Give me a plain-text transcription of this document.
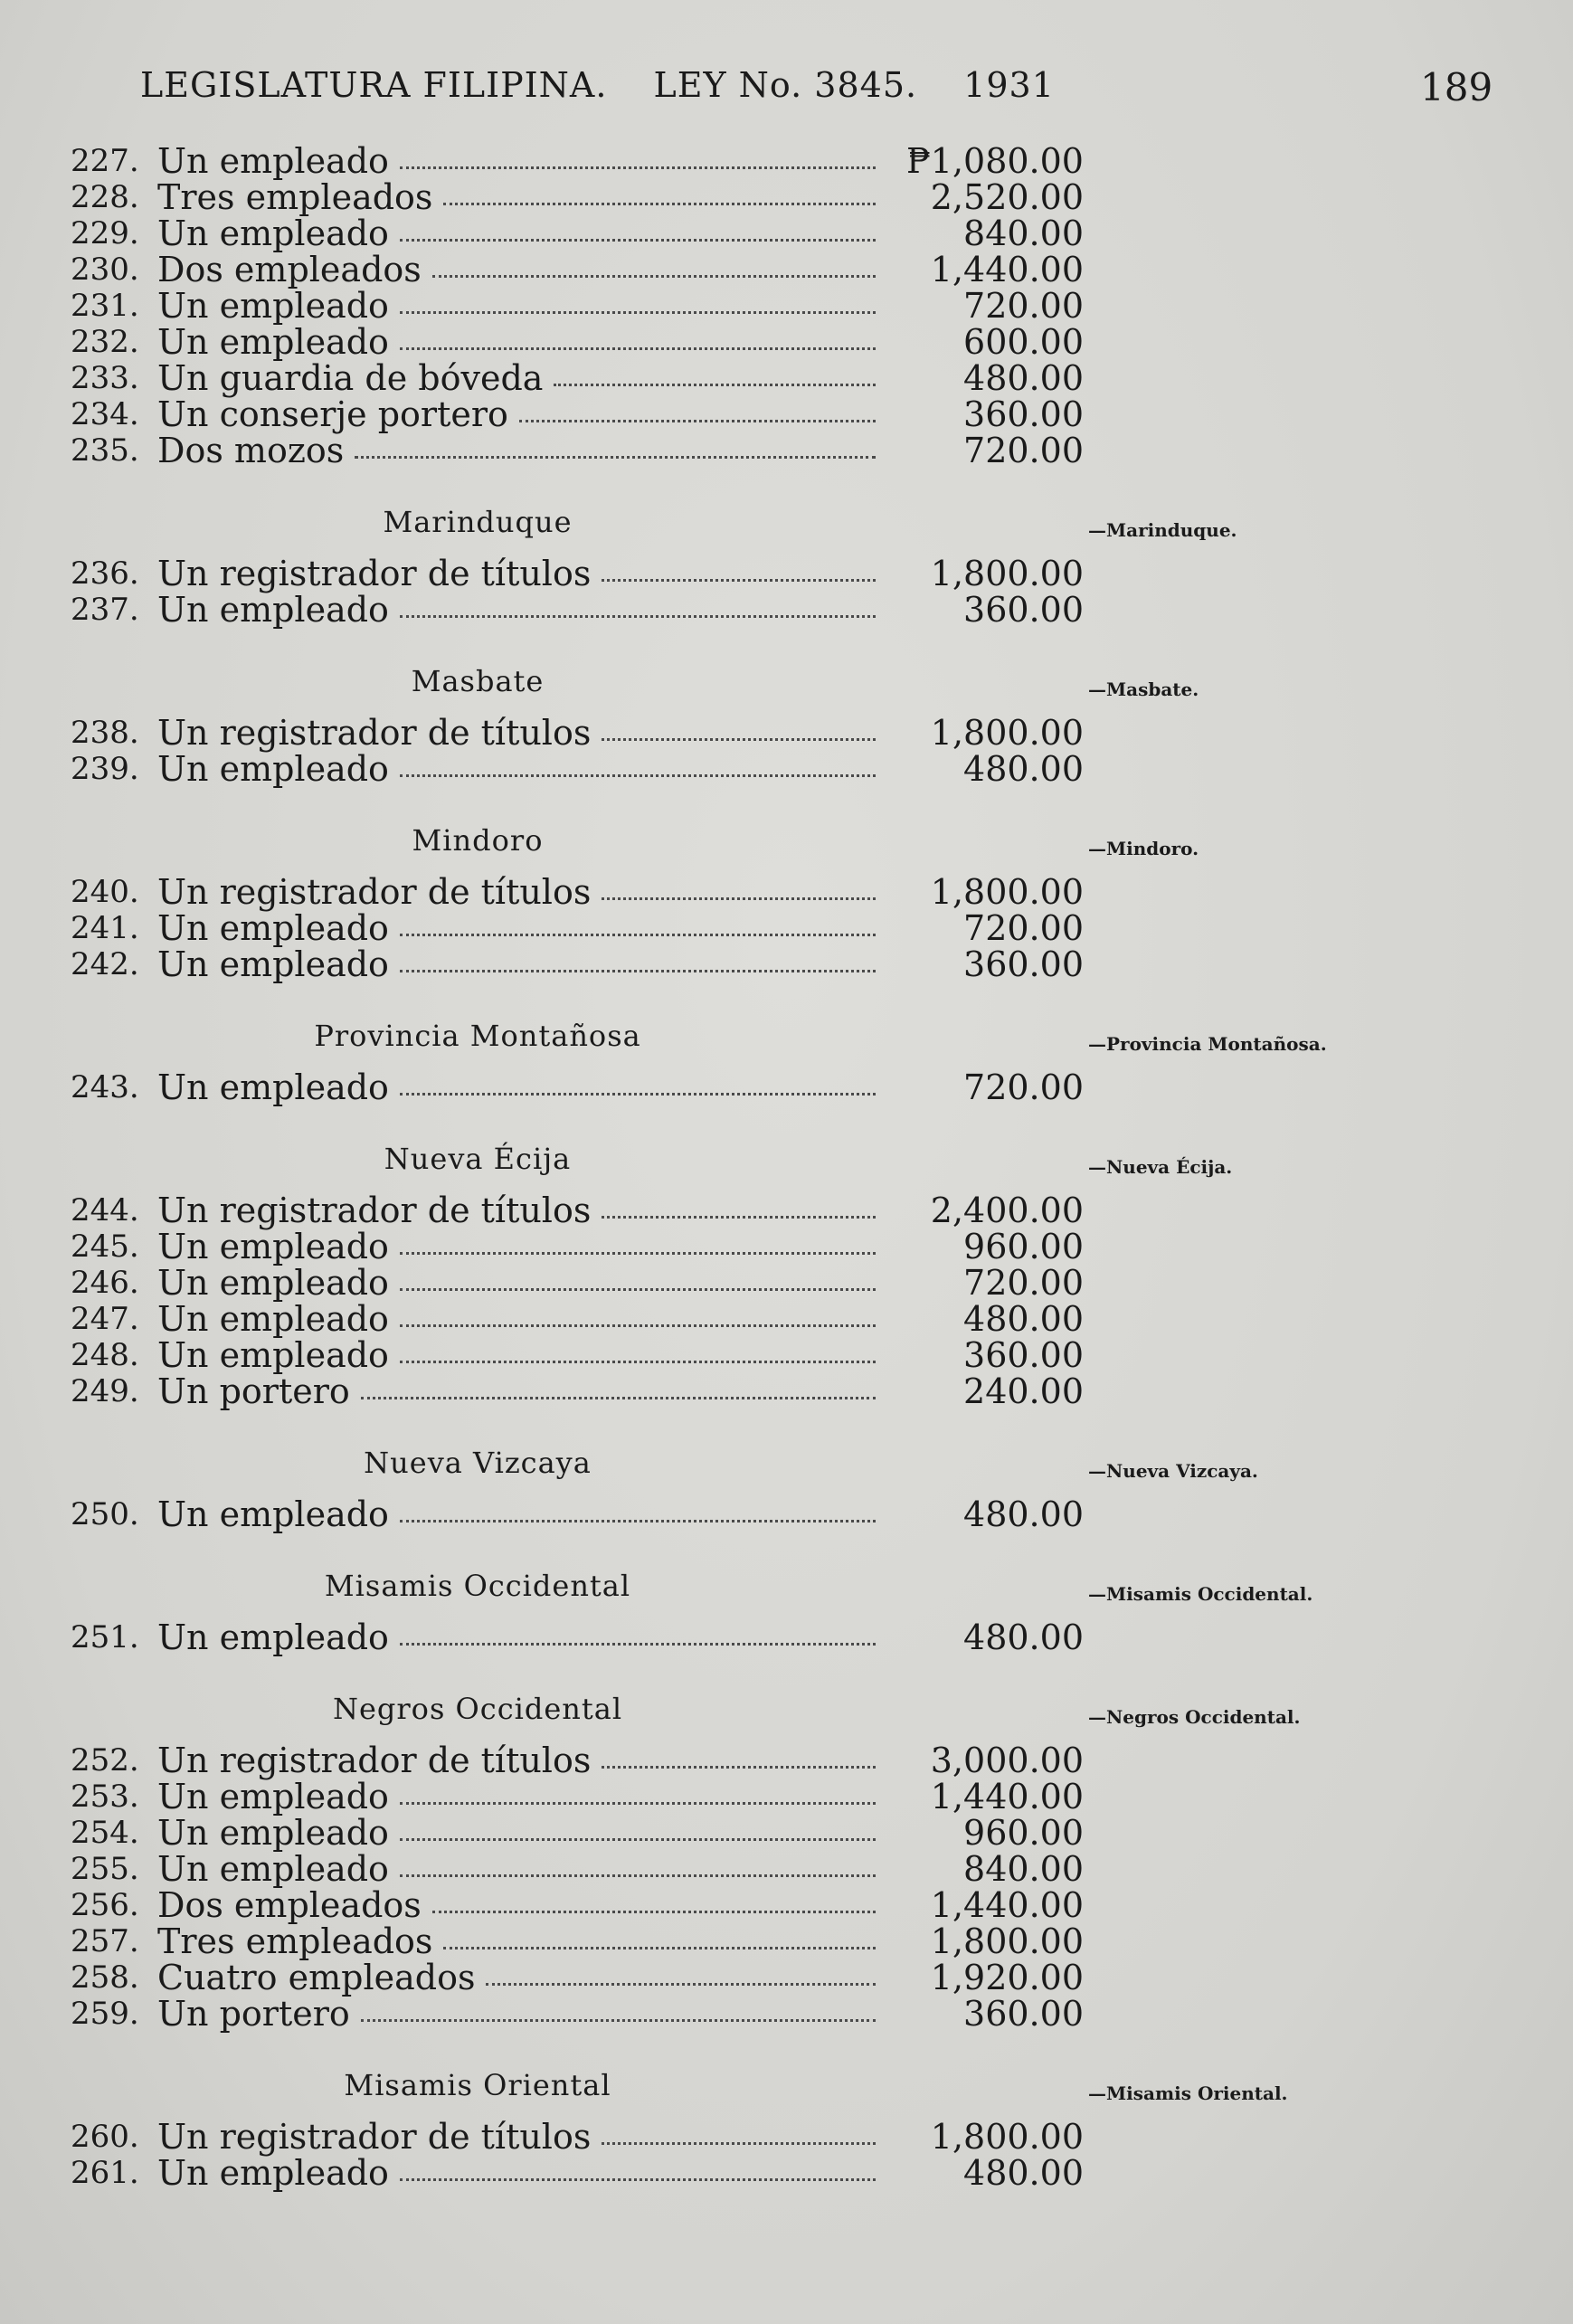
LEGISLATURA FILIPINA. LEY No. 3845. 1931	189
227. Un empleado	₱1,080.00
228. Tres empleados	2,520.00
229. Un empleado	840.00
230. Dos empleados	1,440.00
231. Un empleado	720.00
232. Un empleado	600.00
233. Un guardia de bóveda	480.00
234. Un conserje portero	360.00
235. Dos mozos	720.00
Marinduque	—Marinduque.
236. Un registrador de títulos	1,800.00
237. Un empleado	360.00
Masbate	—Masbate.
238. Un registrador de títulos	1,800.00
239. Un empleado	480.00
Mindoro	—Mindoro.
240. Un registrador de títulos	1,800.00
241. Un empleado	720.00
242. Un empleado	360.00
Provincia Montañosa	—Provincia Montañosa.
243. Un empleado	720.00
Nueva Écija	—Nueva Écija.
244. Un registrador de títulos	2,400.00
245. Un empleado	960.00
246. Un empleado	720.00
247. Un empleado	480.00
248. Un empleado	360.00
249. Un portero	240.00
Nueva Vizcaya	—Nueva Vizcaya.
250. Un empleado	480.00
Misamis Occidental	—Misamis Occidental.
251. Un empleado	480.00
Negros Occidental	—Negros Occidental.
252. Un registrador de títulos	3,000.00
253. Un empleado	1,440.00
254. Un empleado	960.00
255. Un empleado	840.00
256. Dos empleados	1,440.00
257. Tres empleados	1,800.00
258. Cuatro empleados	1,920.00
259. Un portero	360.00
Misamis Oriental	—Misamis Oriental.
260. Un registrador de títulos	1,800.00
261. Un empleado	480.00
